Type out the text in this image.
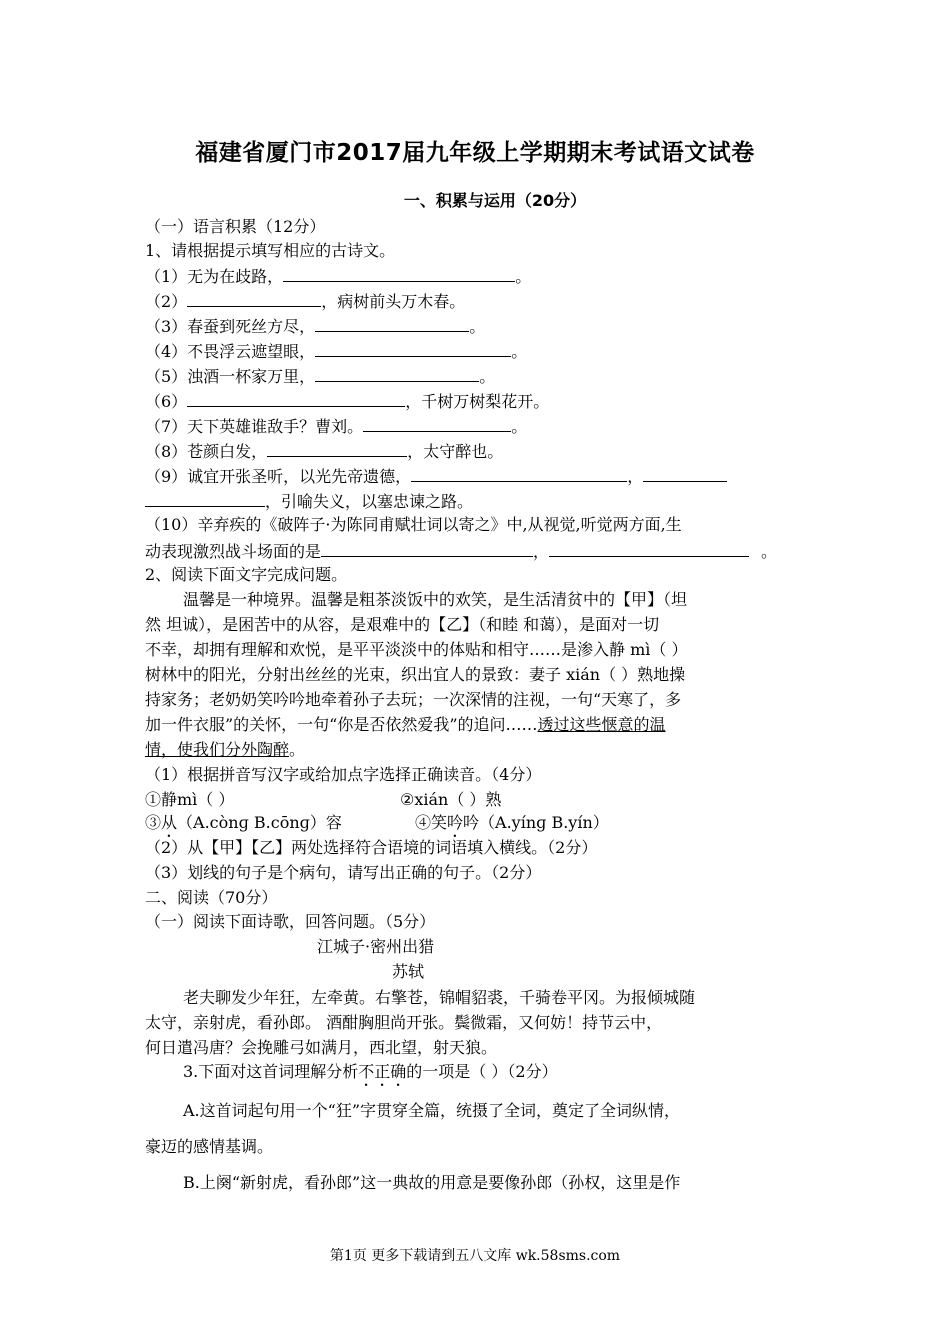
福建省厦门市2017届九年级上学期期末考试语文试卷
一、积累与运用（20分）
（一）语言积累（12分）
1、请根据提示填写相应的古诗文。
（1）无为在歧路，	。
（2）	，病树前头万木春。
（3）春蚕到死丝方尽，	。
（4）不畏浮云遮望眼，	。
（5）浊酒一杯家万里，	。
（6）	，千树万树梨花开。
（7）天下英雄谁敌手？曹刘。	。
（8）苍颜白发，	，太守醉也。
（9）诚宜开张圣听，以光先帝遗德，	，
，引喻失义，以塞忠谏之路。
（10）辛弃疾的《破阵子·为陈同甫赋壮词以寄之》中,从视觉,听觉两方面,生
动表现激烈战斗场面的是	，	。
2、阅读下面文字完成问题。
温馨是一种境界。温馨是粗茶淡饭中的欢笑，是生活清贫中的【甲】（坦
然 坦诚），是困苦中的从容，是艰难中的【乙】（和睦 和蔼），是面对一切
不幸，却拥有理解和欢悦，是平平淡淡中的体贴和相守……是渗入静 mì（ ）
树林中的阳光，分射出丝丝的光束，织出宜人的景致：妻子 xián（ ）熟地操
持家务；老奶奶笑吟吟地牵着孙子去玩；一次深情的注视，一句“天寒了，多
加一件衣服”的关怀，一句“你是否依然爱我”的追问……透过这些惬意的温
情，使我们分外陶醉。
（1）根据拼音写汉字或给加点字选择正确读音。（4分）
①静mì（ ）	②xián（ ）熟
③从（A.cònɡ B.cōnɡ）容	④笑吟吟（A.yínɡ B.yín）
（2）从【甲】【乙】两处选择符合语境的词语填入横线。（2分）
（3）划线的句子是个病句，请写出正确的句子。（2分）
二、阅读（70分）
（一）阅读下面诗歌，回答问题。（5分）
江城子·密州出猎
苏轼
老夫聊发少年狂，左牵黄。右擎苍，锦帽貂裘，千骑卷平冈。为报倾城随
太守，亲射虎，看孙郎。 酒酣胸胆尚开张。鬓微霜，又何妨！持节云中，
何日遣冯唐？会挽雕弓如满月，西北望，射天狼。
3.下面对这首词理解分析不正确的一项是（ ）（2分）
A.这首词起句用一个“狂”字贯穿全篇，统摄了全词，奠定了全词纵情，
豪迈的感情基调。
B.上阕“新射虎，看孙郎”这一典故的用意是要像孙郎（孙权，这里是作
第1页 更多下载请到五八文库 wk.58sms.com
